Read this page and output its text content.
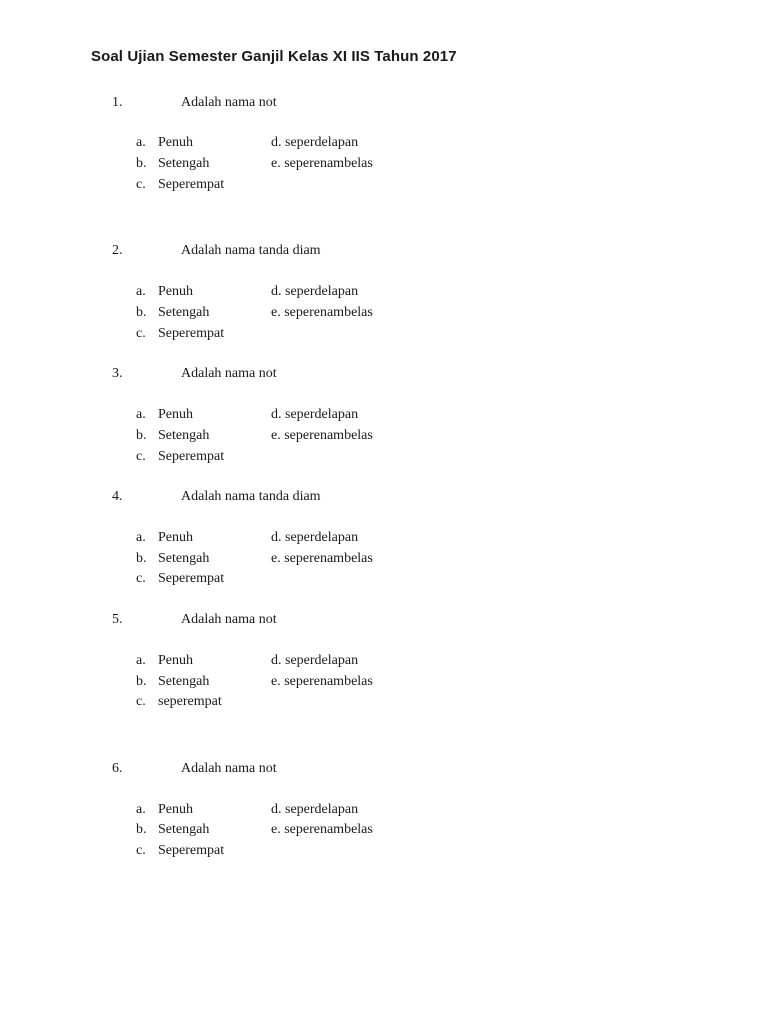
Soal Ujian Semester Ganjil Kelas XI IIS Tahun 2017
1.	Adalah nama not
a. Penuh	d. seperdelapan
b. Setengah	e. seperenambelas
c. Seperempat
2.	Adalah nama tanda diam
a. Penuh	d. seperdelapan
b. Setengah	e. seperenambelas
c. Seperempat
3.	Adalah nama not
a. Penuh	d. seperdelapan
b. Setengah	e. seperenambelas
c. Seperempat
4.	Adalah nama tanda diam
a. Penuh	d. seperdelapan
b. Setengah	e. seperenambelas
c. Seperempat
5.	Adalah nama not
a. Penuh	d. seperdelapan
b. Setengah	e. seperenambelas
c. seperempat
6.	Adalah nama not
a. Penuh	d. seperdelapan
b. Setengah	e. seperenambelas
c. Seperempat
